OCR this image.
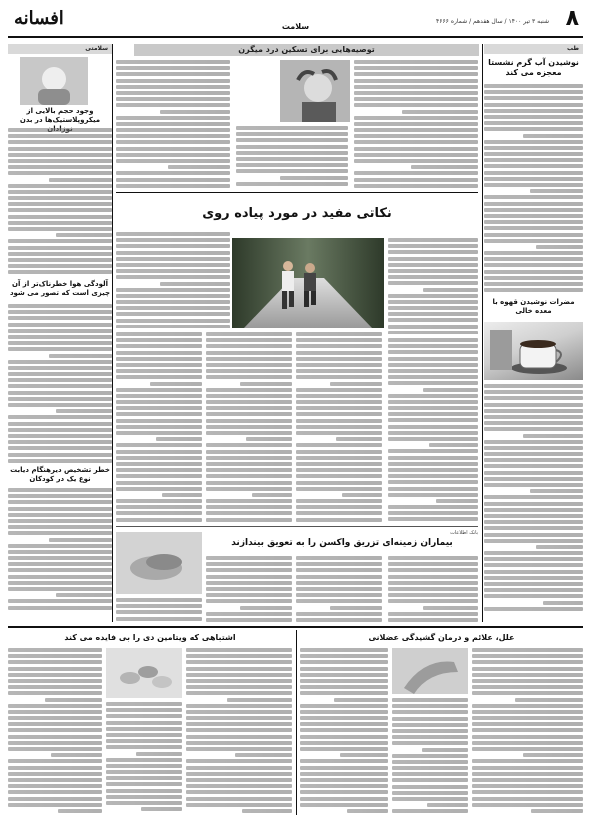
۸
شنبه ۳ تیر ۱۴۰۰ / سال هفدهم / شماره ۴۶۶۶
سلامت
افسانه
طب
نوشیدن آب گرم نشستا معجزه می کند
مضرات نوشیدن قهوه با معده خالی
توصیه‌هایی برای تسکین درد میگرن
سلامتی
وجود حجم بالایی از میکروپلاستیک‌ها در بدن
آلودگی هوا خطرناک‌تر از آن چیزی است که تصور می شود
خطر تشخیص دیرهنگام دیابت نوع یک در کودکان
نکاتی مفید در مورد پیاده روی
بانک اطلاعات
بیماران زمینه‌ای تزریق واکسن را به تعویق بیندازند
علل، علائم و درمان گشیدگی عضلانی
اشتباهی که ویتامین دی را بی فایده می کند
